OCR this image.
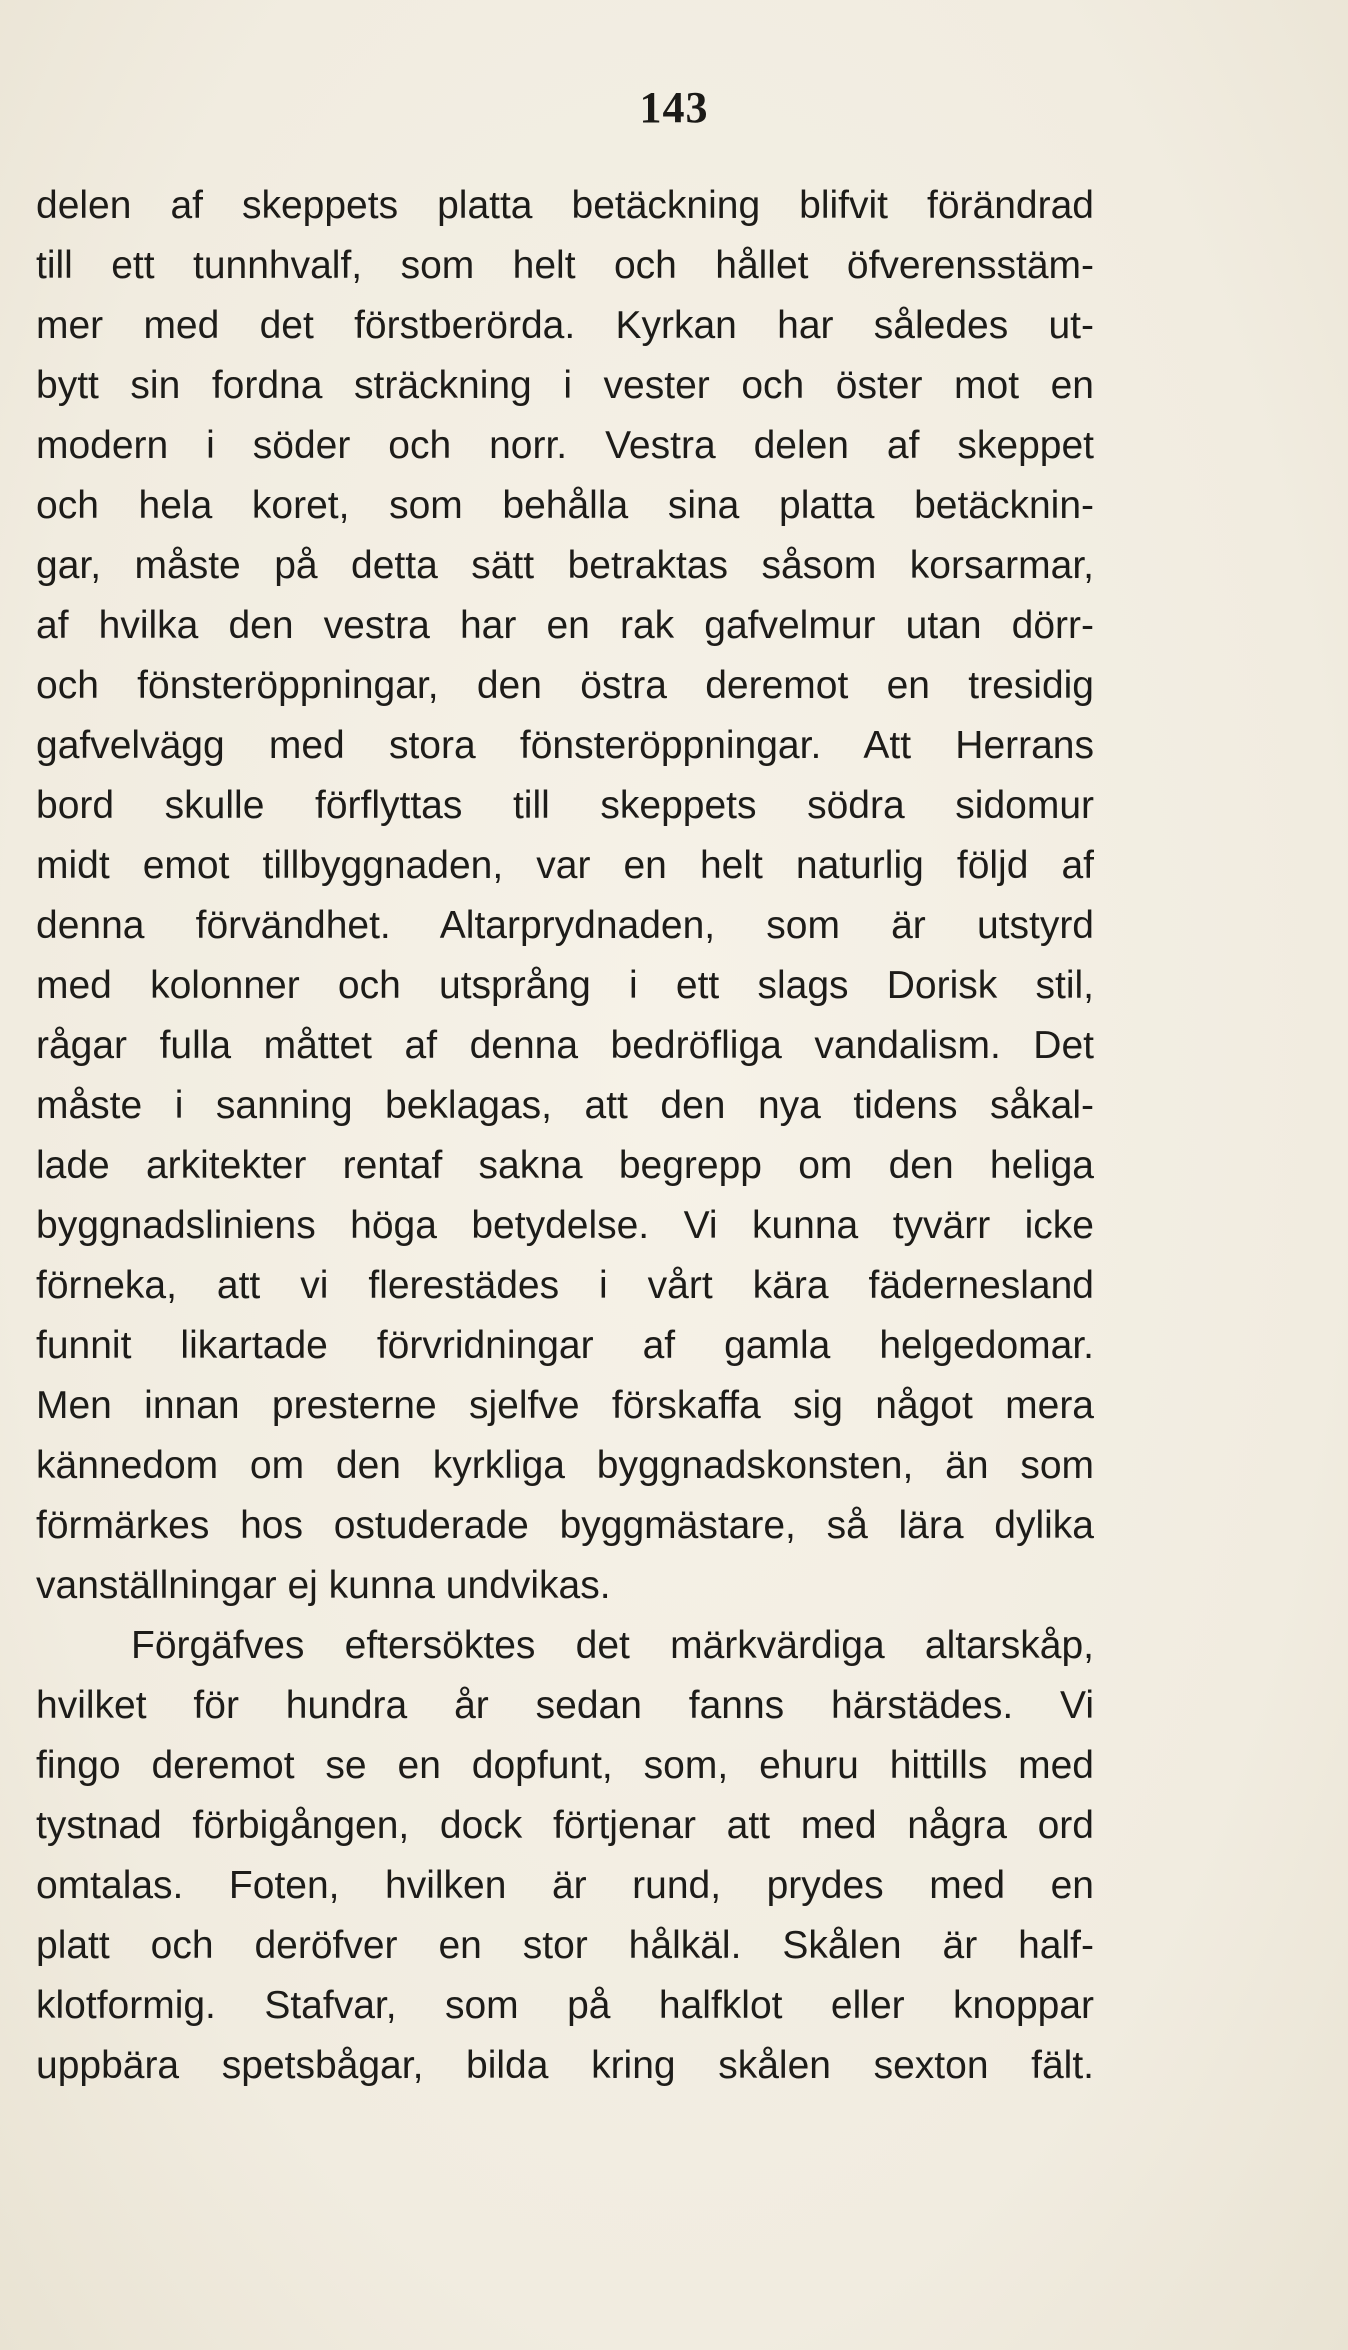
143
delen af skeppets platta betäckning blifvit förändrad
till ett tunnhvalf, som helt och hållet öfverensstäm-
mer med det förstberörda. Kyrkan har således ut-
bytt sin fordna sträckning i vester och öster mot en
modern i söder och norr. Vestra delen af skeppet
och hela koret, som behålla sina platta betäcknin-
gar, måste på detta sätt betraktas såsom korsarmar,
af hvilka den vestra har en rak gafvelmur utan dörr-
och fönsteröppningar, den östra deremot en tresidig
gafvelvägg med stora fönsteröppningar. Att Herrans
bord skulle förflyttas till skeppets södra sidomur
midt emot tillbyggnaden, var en helt naturlig följd af
denna förvändhet. Altarprydnaden, som är utstyrd
med kolonner och utsprång i ett slags Dorisk stil,
rågar fulla måttet af denna bedröfliga vandalism. Det
måste i sanning beklagas, att den nya tidens såkal-
lade arkitekter rentaf sakna begrepp om den heliga
byggnadsliniens höga betydelse. Vi kunna tyvärr icke
förneka, att vi flerestädes i vårt kära fädernesland
funnit likartade förvridningar af gamla helgedomar.
Men innan presterne sjelfve förskaffa sig något mera
kännedom om den kyrkliga byggnadskonsten, än som
förmärkes hos ostuderade byggmästare, så lära dylika
vanställningar ej kunna undvikas.
Förgäfves eftersöktes det märkvärdiga altarskåp,
hvilket för hundra år sedan fanns härstädes. Vi
fingo deremot se en dopfunt, som, ehuru hittills med
tystnad förbigången, dock förtjenar att med några ord
omtalas. Foten, hvilken är rund, prydes med en
platt och deröfver en stor hålkäl. Skålen är half-
klotformig. Stafvar, som på halfklot eller knoppar
uppbära spetsbågar, bilda kring skålen sexton fält.
